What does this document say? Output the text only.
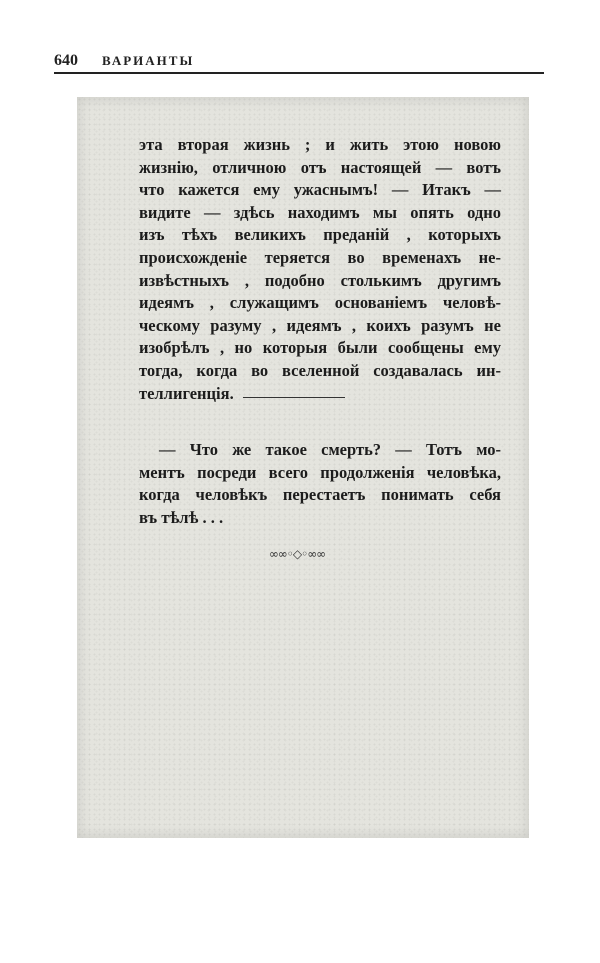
640 ВАРИАНТЫ
эта вторая жизнь ; и жить этою новою
жизнію, отличною отъ настоящей — вотъ
что кажется ему ужаснымъ! — Итакъ —
видите — здѣсь находимъ мы опять одно
изъ тѣхъ великихъ преданій , которыхъ
происхожденіе теряется во временахъ не-
извѣстныхъ , подобно столькимъ другимъ
идеямъ , служащимъ основаніемъ человѣ-
ческому разуму , идеямъ , коихъ разумъ не
изобрѣлъ , но которыя были сообщены ему
тогда, когда во вселенной создавалась ин-
теллигенція.
— Что же такое смерть? — Тотъ мо-
ментъ посреди всего продолженія человѣка,
когда человѣкъ перестаетъ понимать себя
въ тѣлѣ . . .
∞∞◦◇◦∞∞
